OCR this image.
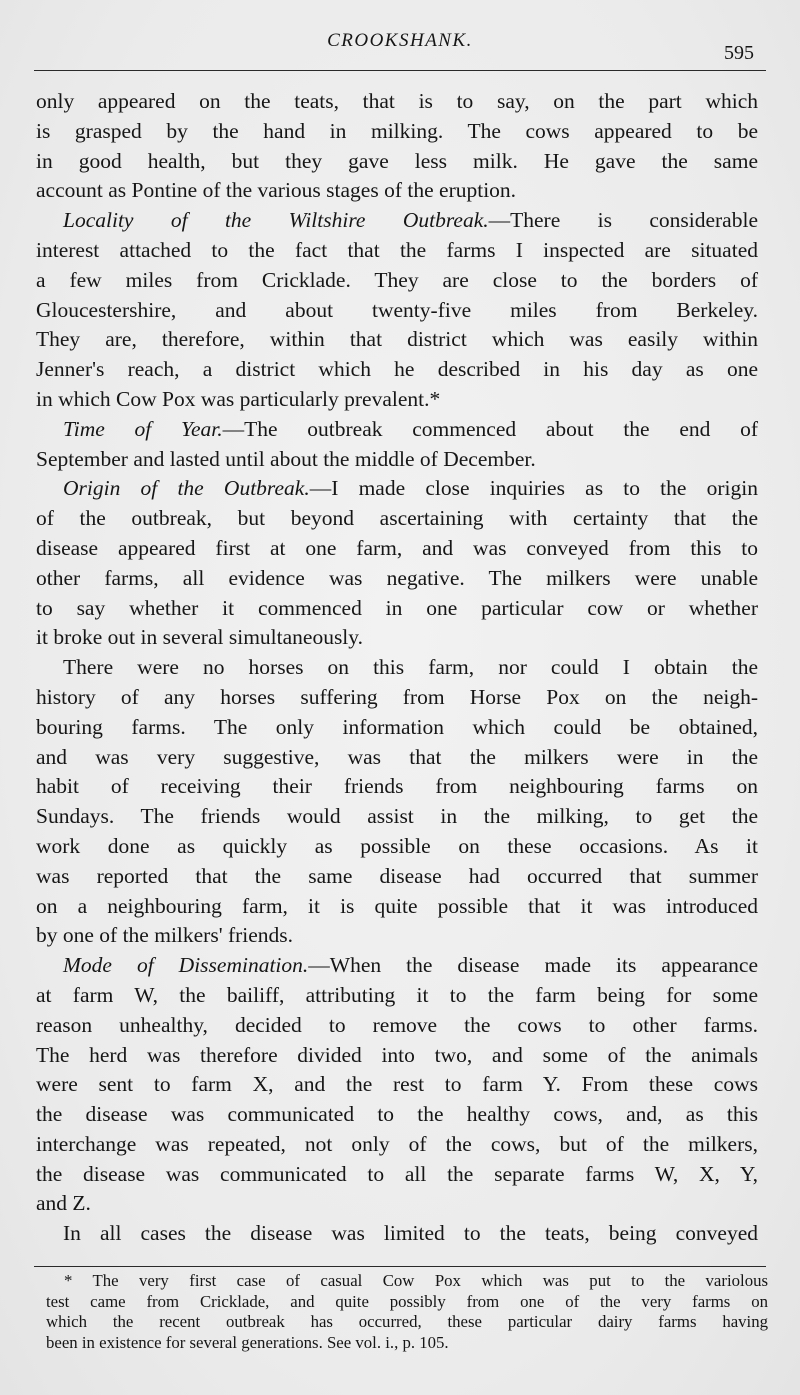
CROOKSHANK.
595
only appeared on the teats, that is to say, on the part which
is grasped by the hand in milking. The cows appeared to be
in good health, but they gave less milk. He gave the same
account as Pontine of the various stages of the eruption.
Locality of the Wiltshire Outbreak.—There is considerable
interest attached to the fact that the farms I inspected are situated
a few miles from Cricklade. They are close to the borders of
Gloucestershire, and about twenty-five miles from Berkeley.
They are, therefore, within that district which was easily within
Jenner's reach, a district which he described in his day as one
in which Cow Pox was particularly prevalent.*
Time of Year.—The outbreak commenced about the end of
September and lasted until about the middle of December.
Origin of the Outbreak.—I made close inquiries as to the origin
of the outbreak, but beyond ascertaining with certainty that the
disease appeared first at one farm, and was conveyed from this to
other farms, all evidence was negative. The milkers were unable
to say whether it commenced in one particular cow or whether
it broke out in several simultaneously.
There were no horses on this farm, nor could I obtain the
history of any horses suffering from Horse Pox on the neigh-
bouring farms. The only information which could be obtained,
and was very suggestive, was that the milkers were in the
habit of receiving their friends from neighbouring farms on
Sundays. The friends would assist in the milking, to get the
work done as quickly as possible on these occasions. As it
was reported that the same disease had occurred that summer
on a neighbouring farm, it is quite possible that it was introduced
by one of the milkers' friends.
Mode of Dissemination.—When the disease made its appearance
at farm W, the bailiff, attributing it to the farm being for some
reason unhealthy, decided to remove the cows to other farms.
The herd was therefore divided into two, and some of the animals
were sent to farm X, and the rest to farm Y. From these cows
the disease was communicated to the healthy cows, and, as this
interchange was repeated, not only of the cows, but of the milkers,
the disease was communicated to all the separate farms W, X, Y,
and Z.
In all cases the disease was limited to the teats, being conveyed
* The very first case of casual Cow Pox which was put to the variolous
test came from Cricklade, and quite possibly from one of the very farms on
which the recent outbreak has occurred, these particular dairy farms having
been in existence for several generations. See vol. i., p. 105.
